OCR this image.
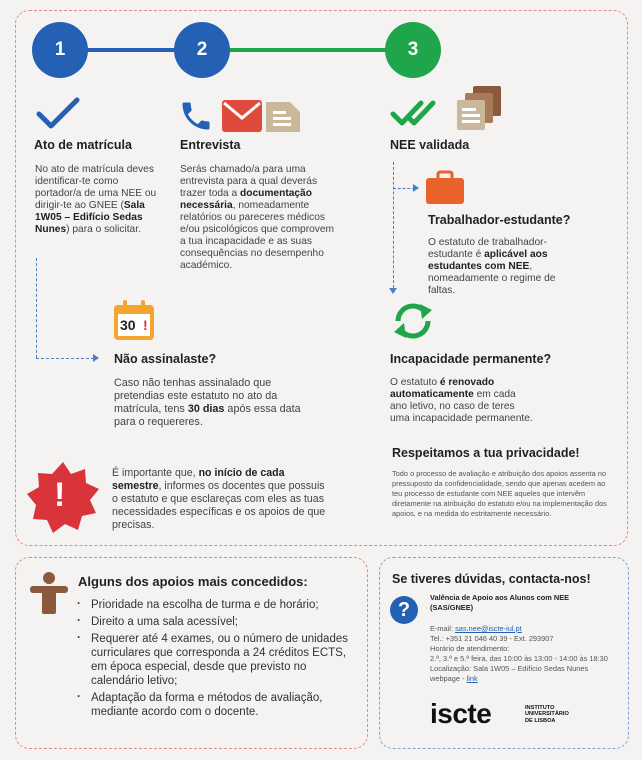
1	2	3
Ato de matrícula
No ato de matrícula deves identificar-te como portador/a de uma NEE ou dirigir-te ao GNEE (Sala 1W05 – Edifício Sedas Nunes) para o solicitar.
Entrevista
Serás chamado/a para uma entrevista para a qual deverás trazer toda a documentação necessária, nomeadamente relatórios ou pareceres médicos e/ou psicológicos que comprovem a tua incapacidade e as suas consequências no desempenho académico.
NEE validada
Trabalhador-estudante?
O estatuto de trabalhador-estudante é aplicável aos estudantes com NEE, nomeadamente o regime de faltas.
30 !
Não assinalaste?
Caso não tenhas assinalado que pretendias este estatuto no ato da matrícula, tens 30 dias após essa data para o requereres.
Incapacidade permanente?
O estatuto é renovado automaticamente em cada ano letivo, no caso de teres uma incapacidade permanente.
Respeitamos a tua privacidade!
Todo o processo de avaliação e atribuição dos apoios assenta no pressuposto da confidencialidade, sendo que apenas acedem ao teu processo de estudante com NEE aqueles que intervêm diretamente na atribuição do estatuto e/ou na implementação dos apoios, e na medida do estritamente necessário.
!
É importante que, no início de cada semestre, informes os docentes que possuis o estatuto e que esclareças com eles as tuas necessidades específicas e os apoios de que precisas.
Alguns dos apoios mais concedidos:
· Prioridade na escolha de turma e de horário;
· Direito a uma sala acessível;
· Requerer até 4 exames, ou o número de unidades curriculares que corresponda a 24 créditos ECTS, em época especial, desde que previsto no calendário letivo;
· Adaptação da forma e métodos de avaliação, mediante acordo com o docente.
Se tiveres dúvidas, contacta-nos!
?
Valência de Apoio aos Alunos com NEE (SAS/GNEE)
E-mail: sas.nee@iscte-iul.pt
Tel.: +351 21 046 40 39 - Ext. 293907
Horário de atendimento:
2.ª, 3.ª e 5.ª feira, das 10:00 às 13:00 - 14:00 às 18:30
Localização: Sala 1W05 – Edifício Sedas Nunes
webpage - link
iscte	INSTITUTO
UNIVERSITÁRIO
DE LISBOA
